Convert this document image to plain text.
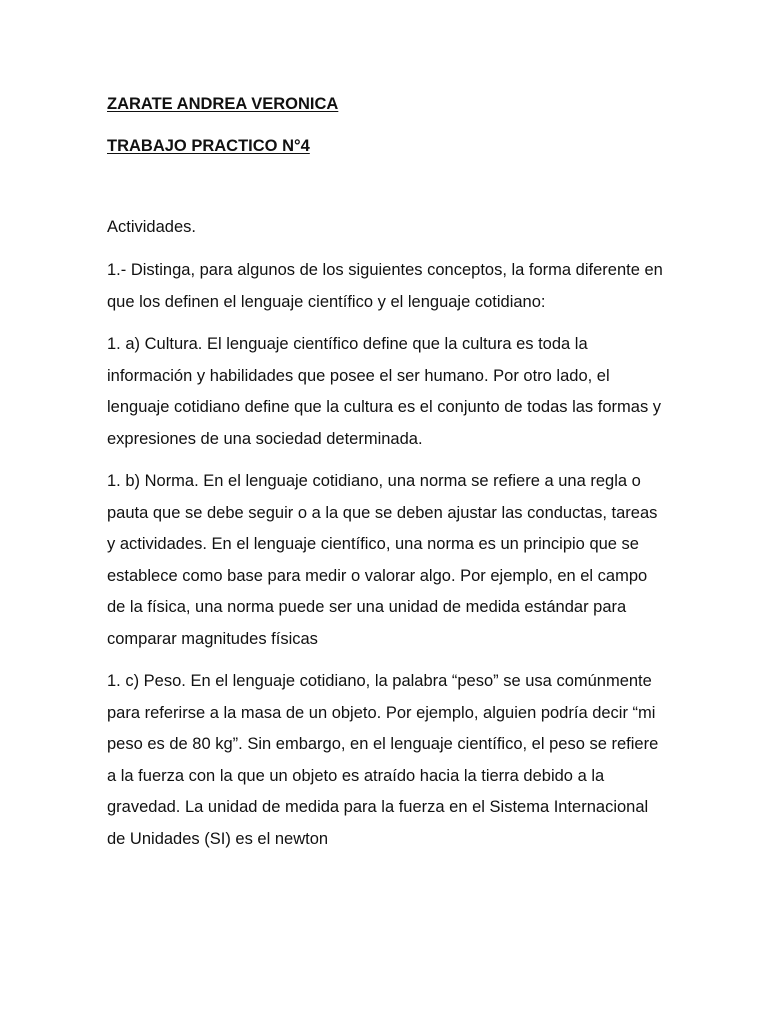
ZARATE ANDREA VERONICA

TRABAJO PRACTICO N°4

Actividades.

1.- Distinga, para algunos de los siguientes conceptos, la forma diferente en que los definen el lenguaje científico y el lenguaje cotidiano:

1. a) Cultura. El lenguaje científico define que la cultura es toda la información y habilidades que posee el ser humano. Por otro lado, el lenguaje cotidiano define que la cultura es el conjunto de todas las formas y expresiones de una sociedad determinada.

1. b) Norma. En el lenguaje cotidiano, una norma se refiere a una regla o pauta que se debe seguir o a la que se deben ajustar las conductas, tareas y actividades. En el lenguaje científico, una norma es un principio que se establece como base para medir o valorar algo. Por ejemplo, en el campo de la física, una norma puede ser una unidad de medida estándar para comparar magnitudes físicas

1. c) Peso. En el lenguaje cotidiano, la palabra “peso” se usa comúnmente para referirse a la masa de un objeto. Por ejemplo, alguien podría decir “mi peso es de 80 kg”. Sin embargo, en el lenguaje científico, el peso se refiere a la fuerza con la que un objeto es atraído hacia la tierra debido a la gravedad. La unidad de medida para la fuerza en el Sistema Internacional de Unidades (SI) es el newton
